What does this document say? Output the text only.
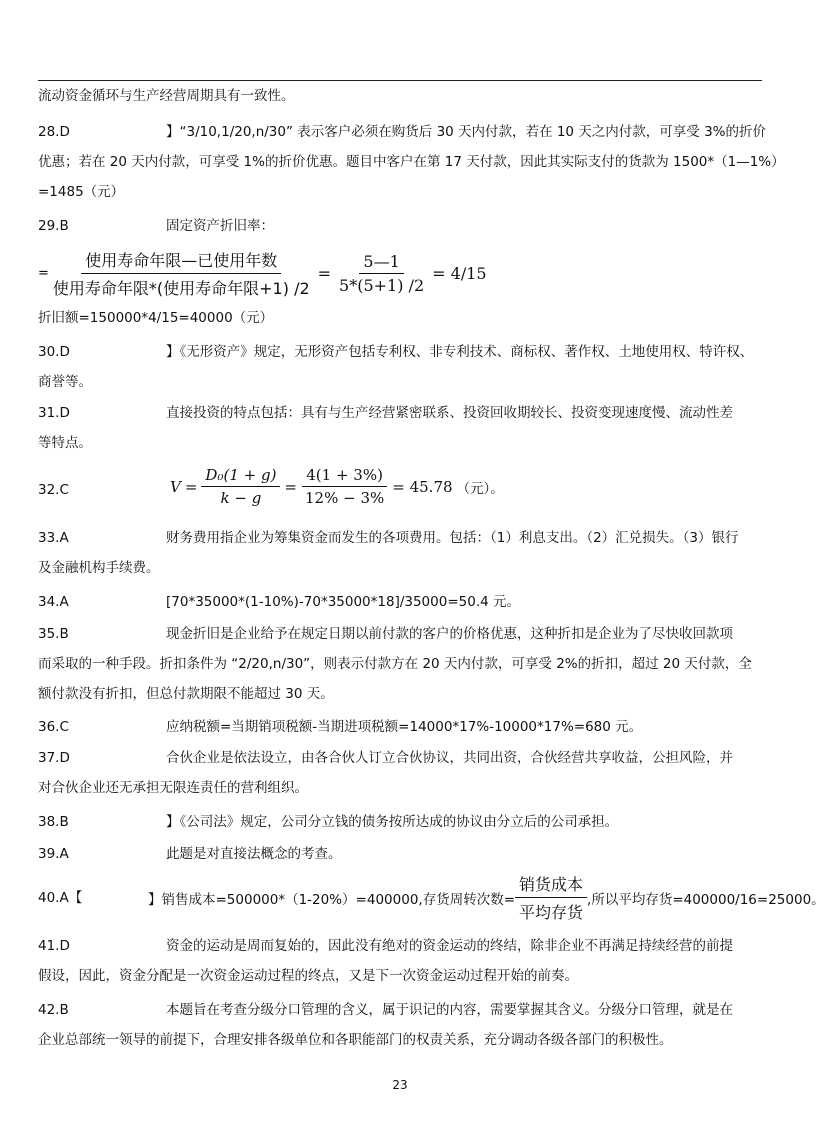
流动资金循环与生产经营周期具有一致性。
28.D	】“3/10,1/20,n/30” 表示客户必须在购货后 30 天内付款，若在 10 天之内付款，可享受 3%的折价
优惠；若在 20 天内付款，可享受 1%的折价优惠。题目中客户在第 17 天付款，因此其实际支付的货款为 1500*（1—1%）
=1485（元）
29.B	固定资产折旧率：
= $\frac{\text{使用寿命年限—已使用年数}}{\text{使用寿命年限*(使用寿命年限+1) /2}} = \frac{5—1}{5*(5+1) /2} = 4/15$
折旧额=150000*4/15=40000（元）
30.D	】《无形资产》规定，无形资产包括专利权、非专利技术、商标权、著作权、土地使用权、特许权、
商誉等。
31.D	直接投资的特点包括：具有与生产经营紧密联系、投资回收期较长、投资变现速度慢、流动性差
等特点。
32.C	$V = \frac{\text{D₀(1 + g)}}{k - g} = \frac{4(1 + 3\%)}{12\% - 3\%} = 45.78$ （元）。
33.A	财务费用指企业为筹集资金而发生的各项费用。包括：（1）利息支出。（2）汇兑损失。（3）银行
及金融机构手续费。
34.A	[70*35000*(1-10%)-70*35000*18]/35000=50.4 元。
35.B	现金折旧是企业给予在规定日期以前付款的客户的价格优惠，这种折扣是企业为了尽快收回款项
而采取的一种手段。折扣条件为 “2/20,n/30”，则表示付款方在 20 天内付款，可享受 2%的折扣，超过 20 天付款，全
额付款没有折扣，但总付款期限不能超过 30 天。
36.C	应纳税额=当期销项税额-当期进项税额=14000*17%-10000*17%=680 元。
37.D	合伙企业是依法设立，由各合伙人订立合伙协议，共同出资，合伙经营共享收益，公担风险，并
对合伙企业还无承担无限连责任的营利组织。
38.B	】《公司法》规定，公司分立钱的债务按所达成的协议由分立后的公司承担。
39.A	此题是对直接法概念的考查。
40.A【	】销售成本=500000*（1-20%）=400000,存货周转次数= $\frac{\text{销货成本}}{\text{平均存货}}$ ,所以平均存货=400000/16=25000。
41.D	资金的运动是周而复始的，因此没有绝对的资金运动的终结，除非企业不再满足持续经营的前提
假设，因此，资金分配是一次资金运动过程的终点，又是下一次资金运动过程开始的前奏。
42.B	本题旨在考查分级分口管理的含义，属于识记的内容，需要掌握其含义。分级分口管理，就是在
企业总部统一领导的前提下，合理安排各级单位和各职能部门的权责关系，充分调动各级各部门的积极性。
23
